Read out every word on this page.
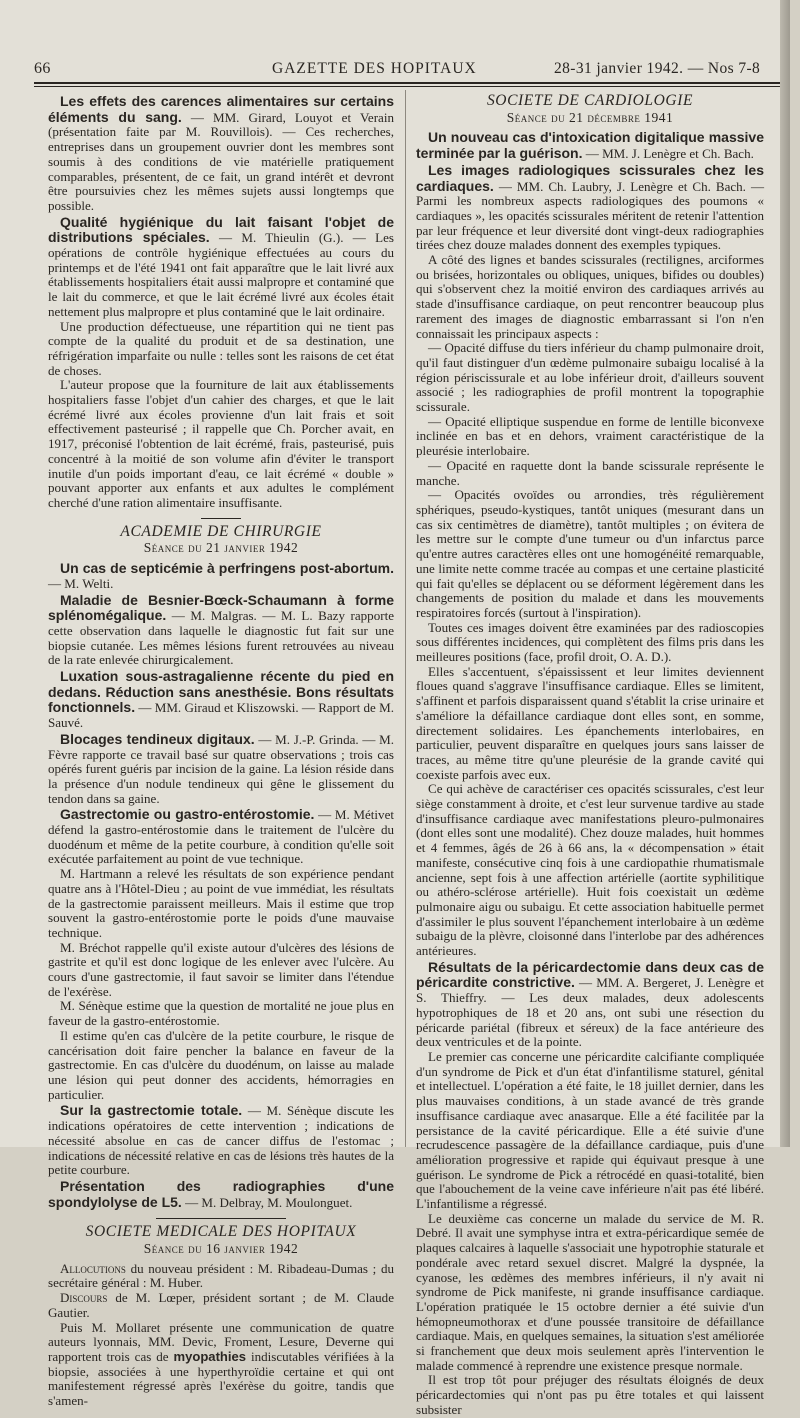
66	GAZETTE DES HOPITAUX	28-31 janvier 1942. — Nos 7-8

Les effets des carences alimentaires sur certains éléments du sang. — MM. Girard, Louyot et Verain (présentation faite par M. Rouvillois). — Ces recherches, entreprises dans un groupement ouvrier dont les membres sont soumis à des conditions de vie matérielle pratiquement comparables, présentent, de ce fait, un grand intérêt et devront être poursuivies chez les mêmes sujets aussi longtemps que possible.

Qualité hygiénique du lait faisant l'objet de distributions spéciales. — M. Thieulin (G.). — Les opérations de contrôle hygiénique effectuées au cours du printemps et de l'été 1941 ont fait apparaître que le lait livré aux établissements hospitaliers était aussi malpropre et contaminé que le lait du commerce, et que le lait écrémé livré aux écoles était nettement plus malpropre et plus contaminé que le lait ordinaire.

Une production défectueuse, une répartition qui ne tient pas compte de la qualité du produit et de sa destination, une réfrigération imparfaite ou nulle : telles sont les raisons de cet état de choses.

L'auteur propose que la fourniture de lait aux établissements hospitaliers fasse l'objet d'un cahier des charges, et que le lait écrémé livré aux écoles provienne d'un lait frais et soit effectivement pasteurisé ; il rappelle que Ch. Porcher avait, en 1917, préconisé l'obtention de lait écrémé, frais, pasteurisé, puis concentré à la moitié de son volume afin d'éviter le transport inutile d'un poids important d'eau, ce lait écrémé « double » pouvant apporter aux enfants et aux adultes le complément cherché d'une ration alimentaire insuffisante.

ACADEMIE DE CHIRURGIE

Séance du 21 janvier 1942

Un cas de septicémie à perfringens post-abortum. — M. Welti.

Maladie de Besnier-Bœck-Schaumann à forme splénomégalique. — M. Malgras. — M. L. Bazy rapporte cette observation dans laquelle le diagnostic fut fait sur une biopsie cutanée. Les mêmes lésions furent retrouvées au niveau de la rate enlevée chirurgicalement.

Luxation sous-astragalienne récente du pied en dedans. Réduction sans anesthésie. Bons résultats fonctionnels. — MM. Giraud et Kliszowski. — Rapport de M. Sauvé.

Blocages tendineux digitaux. — M. J.-P. Grinda. — M. Fèvre rapporte ce travail basé sur quatre observations ; trois cas opérés furent guéris par incision de la gaine. La lésion réside dans la présence d'un nodule tendineux qui gêne le glissement du tendon dans sa gaine.

Gastrectomie ou gastro-entérostomie. — M. Métivet défend la gastro-entérostomie dans le traitement de l'ulcère du duodénum et même de la petite courbure, à condition qu'elle soit exécutée parfaitement au point de vue technique.

M. Hartmann a relevé les résultats de son expérience pendant quatre ans à l'Hôtel-Dieu ; au point de vue immédiat, les résultats de la gastrectomie paraissent meilleurs. Mais il estime que trop souvent la gastro-entérostomie porte le poids d'une mauvaise technique.

M. Bréchot rappelle qu'il existe autour d'ulcères des lésions de gastrite et qu'il est donc logique de les enlever avec l'ulcère. Au cours d'une gastrectomie, il faut savoir se limiter dans l'étendue de l'exérèse.

M. Sénèque estime que la question de mortalité ne joue plus en faveur de la gastro-entérostomie.

Il estime qu'en cas d'ulcère de la petite courbure, le risque de cancérisation doit faire pencher la balance en faveur de la gastrectomie. En cas d'ulcère du duodénum, on laisse au malade une lésion qui peut donner des accidents, hémorragies en particulier.

Sur la gastrectomie totale. — M. Sénèque discute les indications opératoires de cette intervention ; indications de nécessité absolue en cas de cancer diffus de l'estomac ; indications de nécessité relative en cas de lésions très hautes de la petite courbure.

Présentation des radiographies d'une spondylolyse de L5. — M. Delbray, M. Moulonguet.

SOCIETE MEDICALE DES HOPITAUX

Séance du 16 janvier 1942

Allocutions du nouveau président : M. Ribadeau-Dumas ; du secrétaire général : M. Huber.

Discours de M. Lœper, président sortant ; de M. Claude Gautier.

Puis M. Mollaret présente une communication de quatre auteurs lyonnais, MM. Devic, Froment, Lesure, Deverne qui rapportent trois cas de myopathies indiscutables vérifiées à la biopsie, associées à une hyperthyroïdie certaine et qui ont manifestement régressé après l'exérèse du goitre, tandis que s'amen-

SOCIETE DE CARDIOLOGIE

Séance du 21 décembre 1941

Un nouveau cas d'intoxication digitalique massive terminée par la guérison. — MM. J. Lenègre et Ch. Bach.

Les images radiologiques scissurales chez les cardiaques. — MM. Ch. Laubry, J. Lenègre et Ch. Bach. — Parmi les nombreux aspects radiologiques des poumons « cardiaques », les opacités scissurales méritent de retenir l'attention par leur fréquence et leur diversité dont vingt-deux radiographies tirées chez douze malades donnent des exemples typiques.

A côté des lignes et bandes scissurales (rectilignes, arciformes ou brisées, horizontales ou obliques, uniques, bifides ou doubles) qui s'observent chez la moitié environ des cardiaques arrivés au stade d'insuffisance cardiaque, on peut rencontrer beaucoup plus rarement des images de diagnostic embarrassant si l'on n'en connaissait les principaux aspects :

— Opacité diffuse du tiers inférieur du champ pulmonaire droit, qu'il faut distinguer d'un œdème pulmonaire subaigu localisé à la région périscissurale et au lobe inférieur droit, d'ailleurs souvent associé ; les radiographies de profil montrent la topographie scissurale.

— Opacité elliptique suspendue en forme de lentille biconvexe inclinée en bas et en dehors, vraiment caractéristique de la pleurésie interlobaire.

— Opacité en raquette dont la bande scissurale représente le manche.

— Opacités ovoïdes ou arrondies, très régulièrement sphériques, pseudo-kystiques, tantôt uniques (mesurant dans un cas six centimètres de diamètre), tantôt multiples ; on évitera de les mettre sur le compte d'une tumeur ou d'un infarctus parce qu'entre autres caractères elles ont une homogénéité remarquable, une limite nette comme tracée au compas et une certaine plasticité qui fait qu'elles se déplacent ou se déforment légèrement dans les changements de position du malade et dans les mouvements respiratoires forcés (surtout à l'inspiration).

Toutes ces images doivent être examinées par des radioscopies sous différentes incidences, qui complètent des films pris dans les meilleures positions (face, profil droit, O. A. D.).

Elles s'accentuent, s'épaississent et leur limites deviennent floues quand s'aggrave l'insuffisance cardiaque. Elles se limitent, s'affinent et parfois disparaissent quand s'établit la crise urinaire et s'améliore la défaillance cardiaque dont elles sont, en somme, directement solidaires. Les épanchements interlobaires, en particulier, peuvent disparaître en quelques jours sans laisser de traces, au même titre qu'une pleurésie de la grande cavité qui coexiste parfois avec eux.

Ce qui achève de caractériser ces opacités scissurales, c'est leur siège constamment à droite, et c'est leur survenue tardive au stade d'insuffisance cardiaque avec manifestations pleuro-pulmonaires (dont elles sont une modalité). Chez douze malades, huit hommes et 4 femmes, âgés de 26 à 66 ans, la « décompensation » était manifeste, consécutive cinq fois à une cardiopathie rhumatismale ancienne, sept fois à une affection artérielle (aortite syphilitique ou athéro-sclérose artérielle). Huit fois coexistait un œdème pulmonaire aigu ou subaigu. Et cette association habituelle permet d'assimiler le plus souvent l'épanchement interlobaire à un œdème subaigu de la plèvre, cloisonné dans l'interlobe par des adhérences antérieures.

Résultats de la péricardectomie dans deux cas de péricardite constrictive. — MM. A. Bergeret, J. Lenègre et S. Thieffry. — Les deux malades, deux adolescents hypotrophiques de 18 et 20 ans, ont subi une résection du péricarde pariétal (fibreux et séreux) de la face antérieure des deux ventricules et de la pointe.

Le premier cas concerne une péricardite calcifiante compliquée d'un syndrome de Pick et d'un état d'infantilisme staturel, génital et intellectuel. L'opération a été faite, le 18 juillet dernier, dans les plus mauvaises conditions, à un stade avancé de très grande insuffisance cardiaque avec anasarque. Elle a été facilitée par la persistance de la cavité péricardique. Elle a été suivie d'une recrudescence passagère de la défaillance cardiaque, puis d'une amélioration progressive et rapide qui équivaut presque à une guérison. Le syndrome de Pick a rétrocédé en quasi-totalité, bien que l'abouchement de la veine cave inférieure n'ait pas été libéré. L'infantilisme a régressé.

Le deuxième cas concerne un malade du service de M. R. Debré. Il avait une symphyse intra et extra-péricardique semée de plaques calcaires à laquelle s'associait une hypotrophie staturale et pondérale avec retard sexuel discret. Malgré la dyspnée, la cyanose, les œdèmes des membres inférieurs, il n'y avait ni syndrome de Pick manifeste, ni grande insuffisance cardiaque. L'opération pratiquée le 15 octobre dernier a été suivie d'un hémopneumothorax et d'une poussée transitoire de défaillance cardiaque. Mais, en quelques semaines, la situation s'est améliorée si franchement que deux mois seulement après l'intervention le malade commencé à reprendre une existence presque normale.

Il est trop tôt pour préjuger des résultats éloignés de deux péricardectomies qui n'ont pas pu être totales et qui laissent subsister
